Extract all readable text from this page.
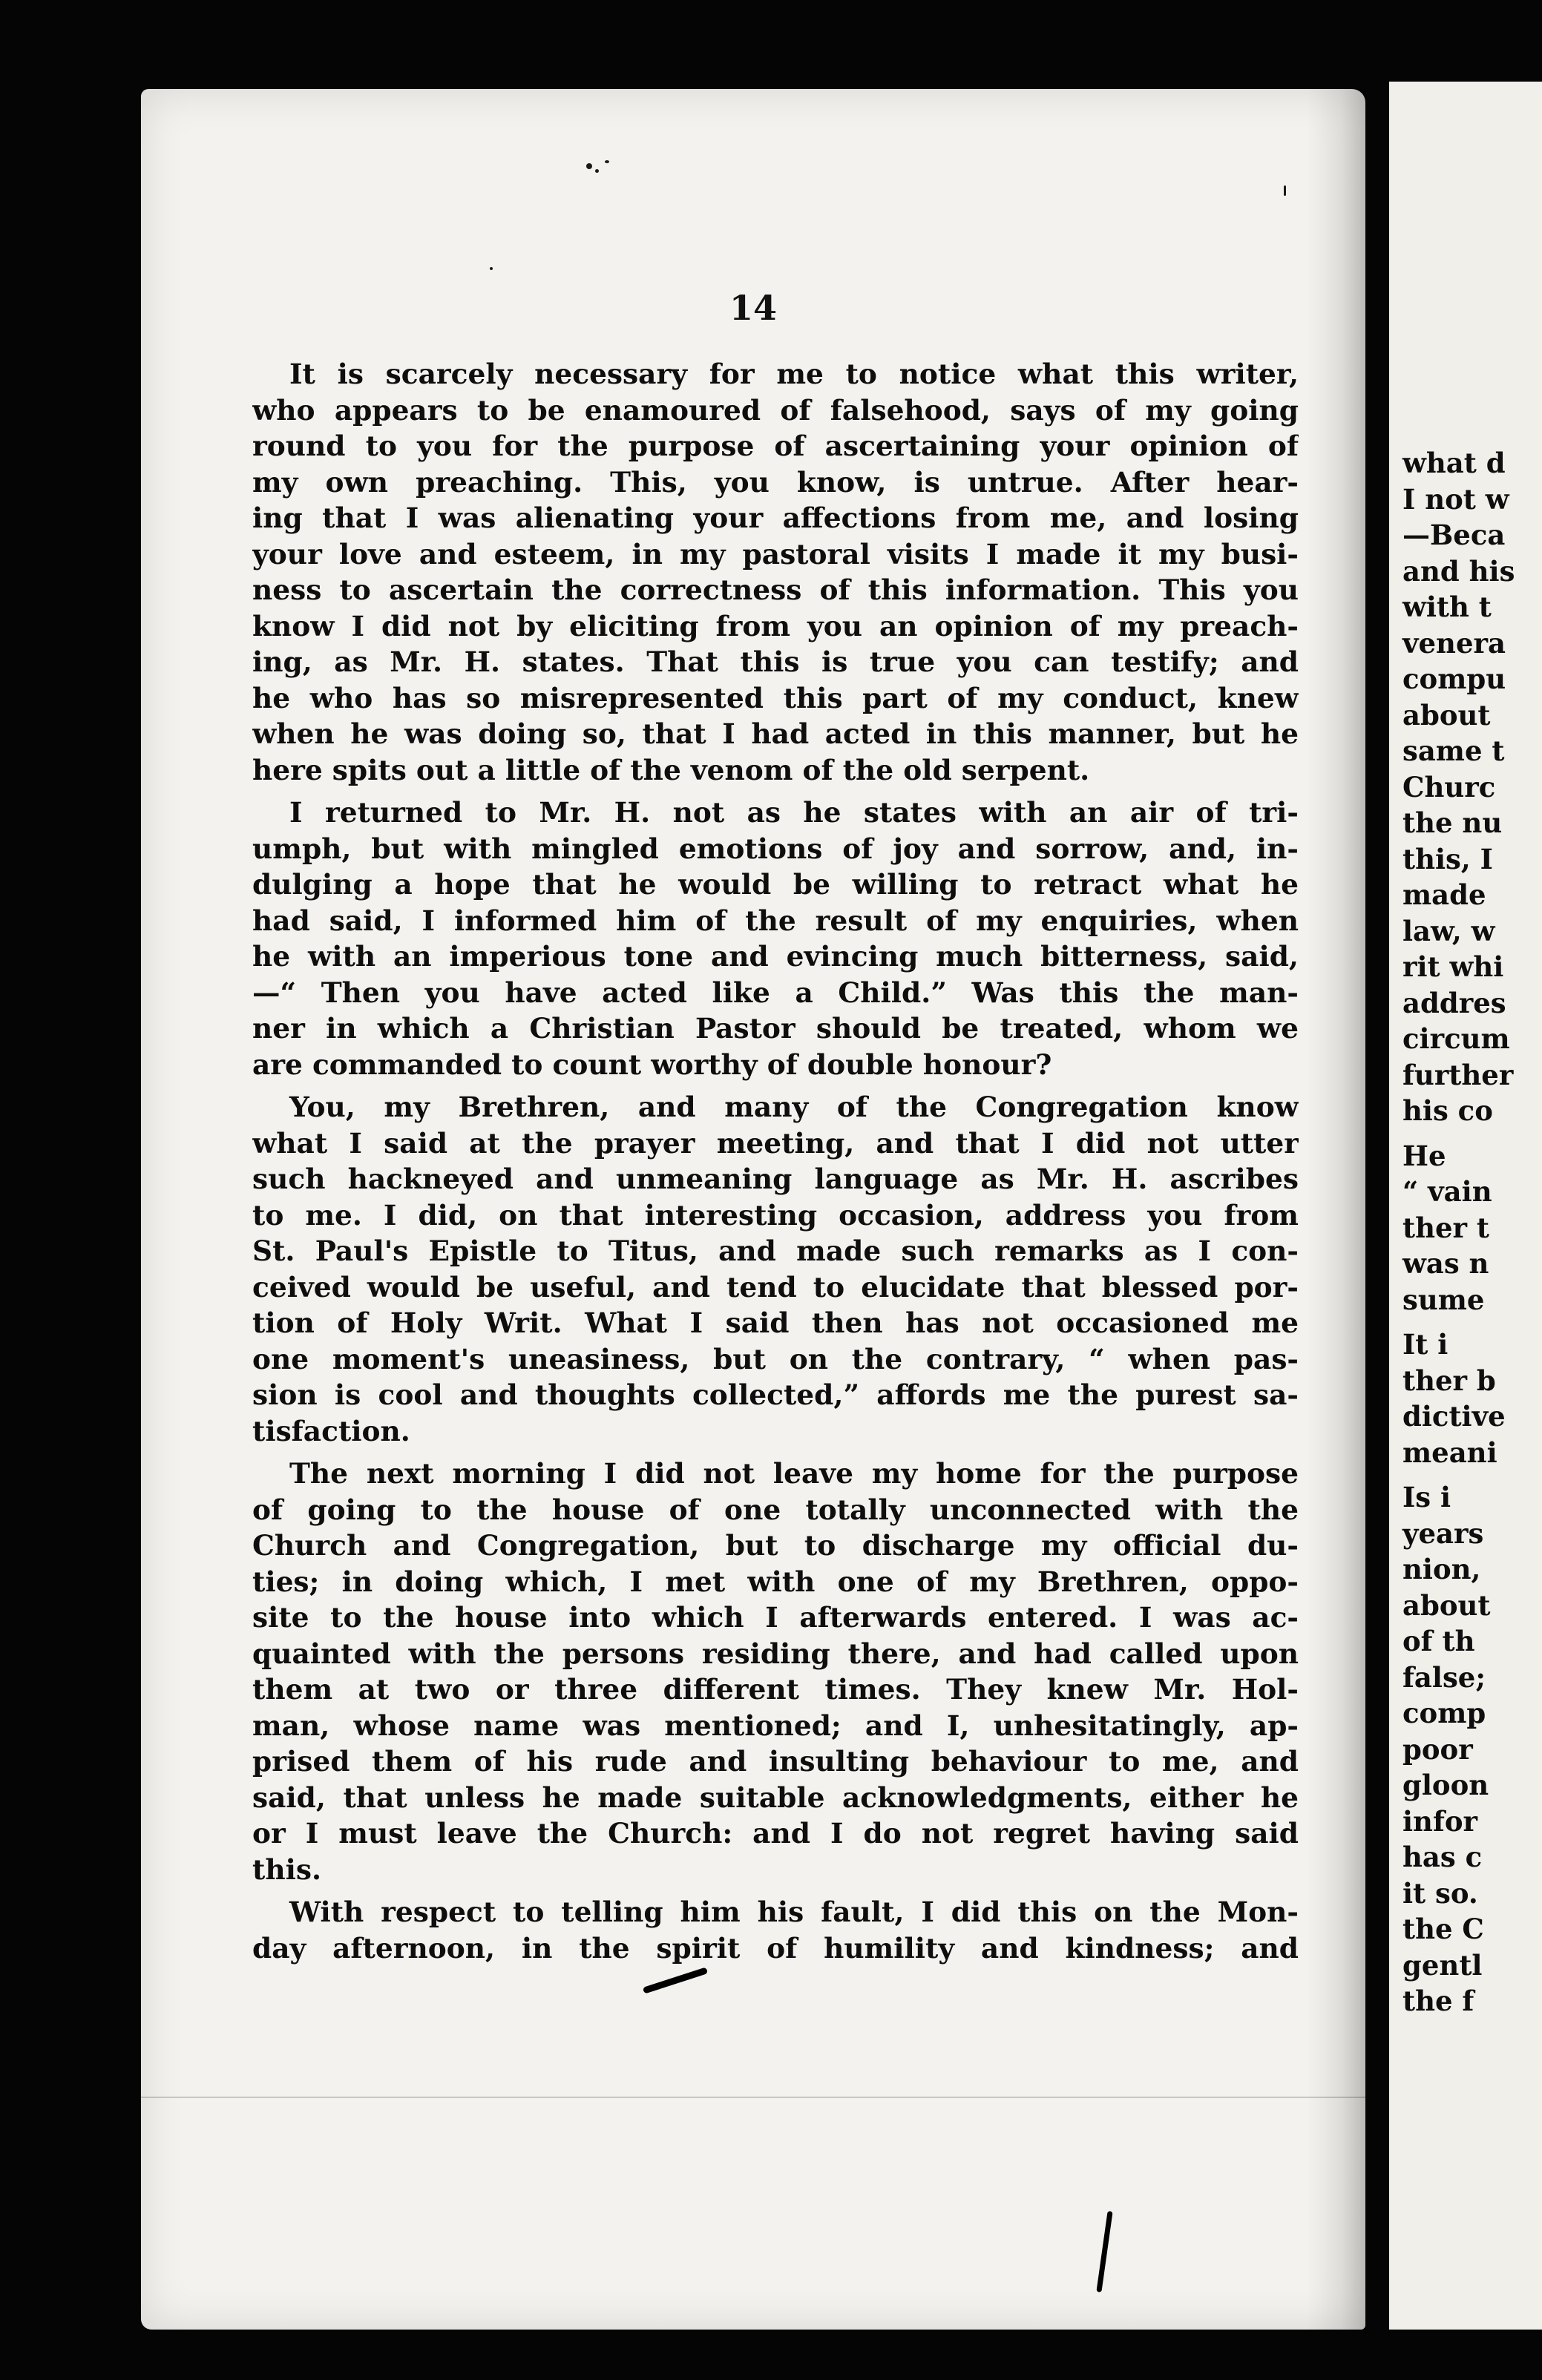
14
It is scarcely necessary for me to notice what this writer,
who appears to be enamoured of falsehood, says of my going
round to you for the purpose of ascertaining your opinion of
my own preaching. This, you know, is untrue. After hear-
ing that I was alienating your affections from me, and losing
your love and esteem, in my pastoral visits I made it my busi-
ness to ascertain the correctness of this information. This you
know I did not by eliciting from you an opinion of my preach-
ing, as Mr. H. states. That this is true you can testify; and
he who has so misrepresented this part of my conduct, knew
when he was doing so, that I had acted in this manner, but he
here spits out a little of the venom of the old serpent.
I returned to Mr. H. not as he states with an air of tri-
umph, but with mingled emotions of joy and sorrow, and, in-
dulging a hope that he would be willing to retract what he
had said, I informed him of the result of my enquiries, when
he with an imperious tone and evincing much bitterness, said,
—“ Then you have acted like a Child.” Was this the man-
ner in which a Christian Pastor should be treated, whom we
are commanded to count worthy of double honour?
You, my Brethren, and many of the Congregation know
what I said at the prayer meeting, and that I did not utter
such hackneyed and unmeaning language as Mr. H. ascribes
to me. I did, on that interesting occasion, address you from
St. Paul's Epistle to Titus, and made such remarks as I con-
ceived would be useful, and tend to elucidate that blessed por-
tion of Holy Writ. What I said then has not occasioned me
one moment's uneasiness, but on the contrary, “ when pas-
sion is cool and thoughts collected,” affords me the purest sa-
tisfaction.
The next morning I did not leave my home for the purpose
of going to the house of one totally unconnected with the
Church and Congregation, but to discharge my official du-
ties; in doing which, I met with one of my Brethren, oppo-
site to the house into which I afterwards entered. I was ac-
quainted with the persons residing there, and had called upon
them at two or three different times. They knew Mr. Hol-
man, whose name was mentioned; and I, unhesitatingly, ap-
prised them of his rude and insulting behaviour to me, and
said, that unless he made suitable acknowledgments, either he
or I must leave the Church: and I do not regret having said
this.
With respect to telling him his fault, I did this on the Mon-
day afternoon, in the spirit of humility and kindness; and
what d
I not w
—Beca
and his
with t
venera
compu
about
same t
Churc
the nu
this, I
made
law, w
rit whi
addres
circum
further
his co
He
“ vain
ther t
was n
sume
It i
ther b
dictive
meani
Is i
years
nion,
about
of th
false;
comp
poor
gloon
infor
has c
it so.
the C
gentl
the f
